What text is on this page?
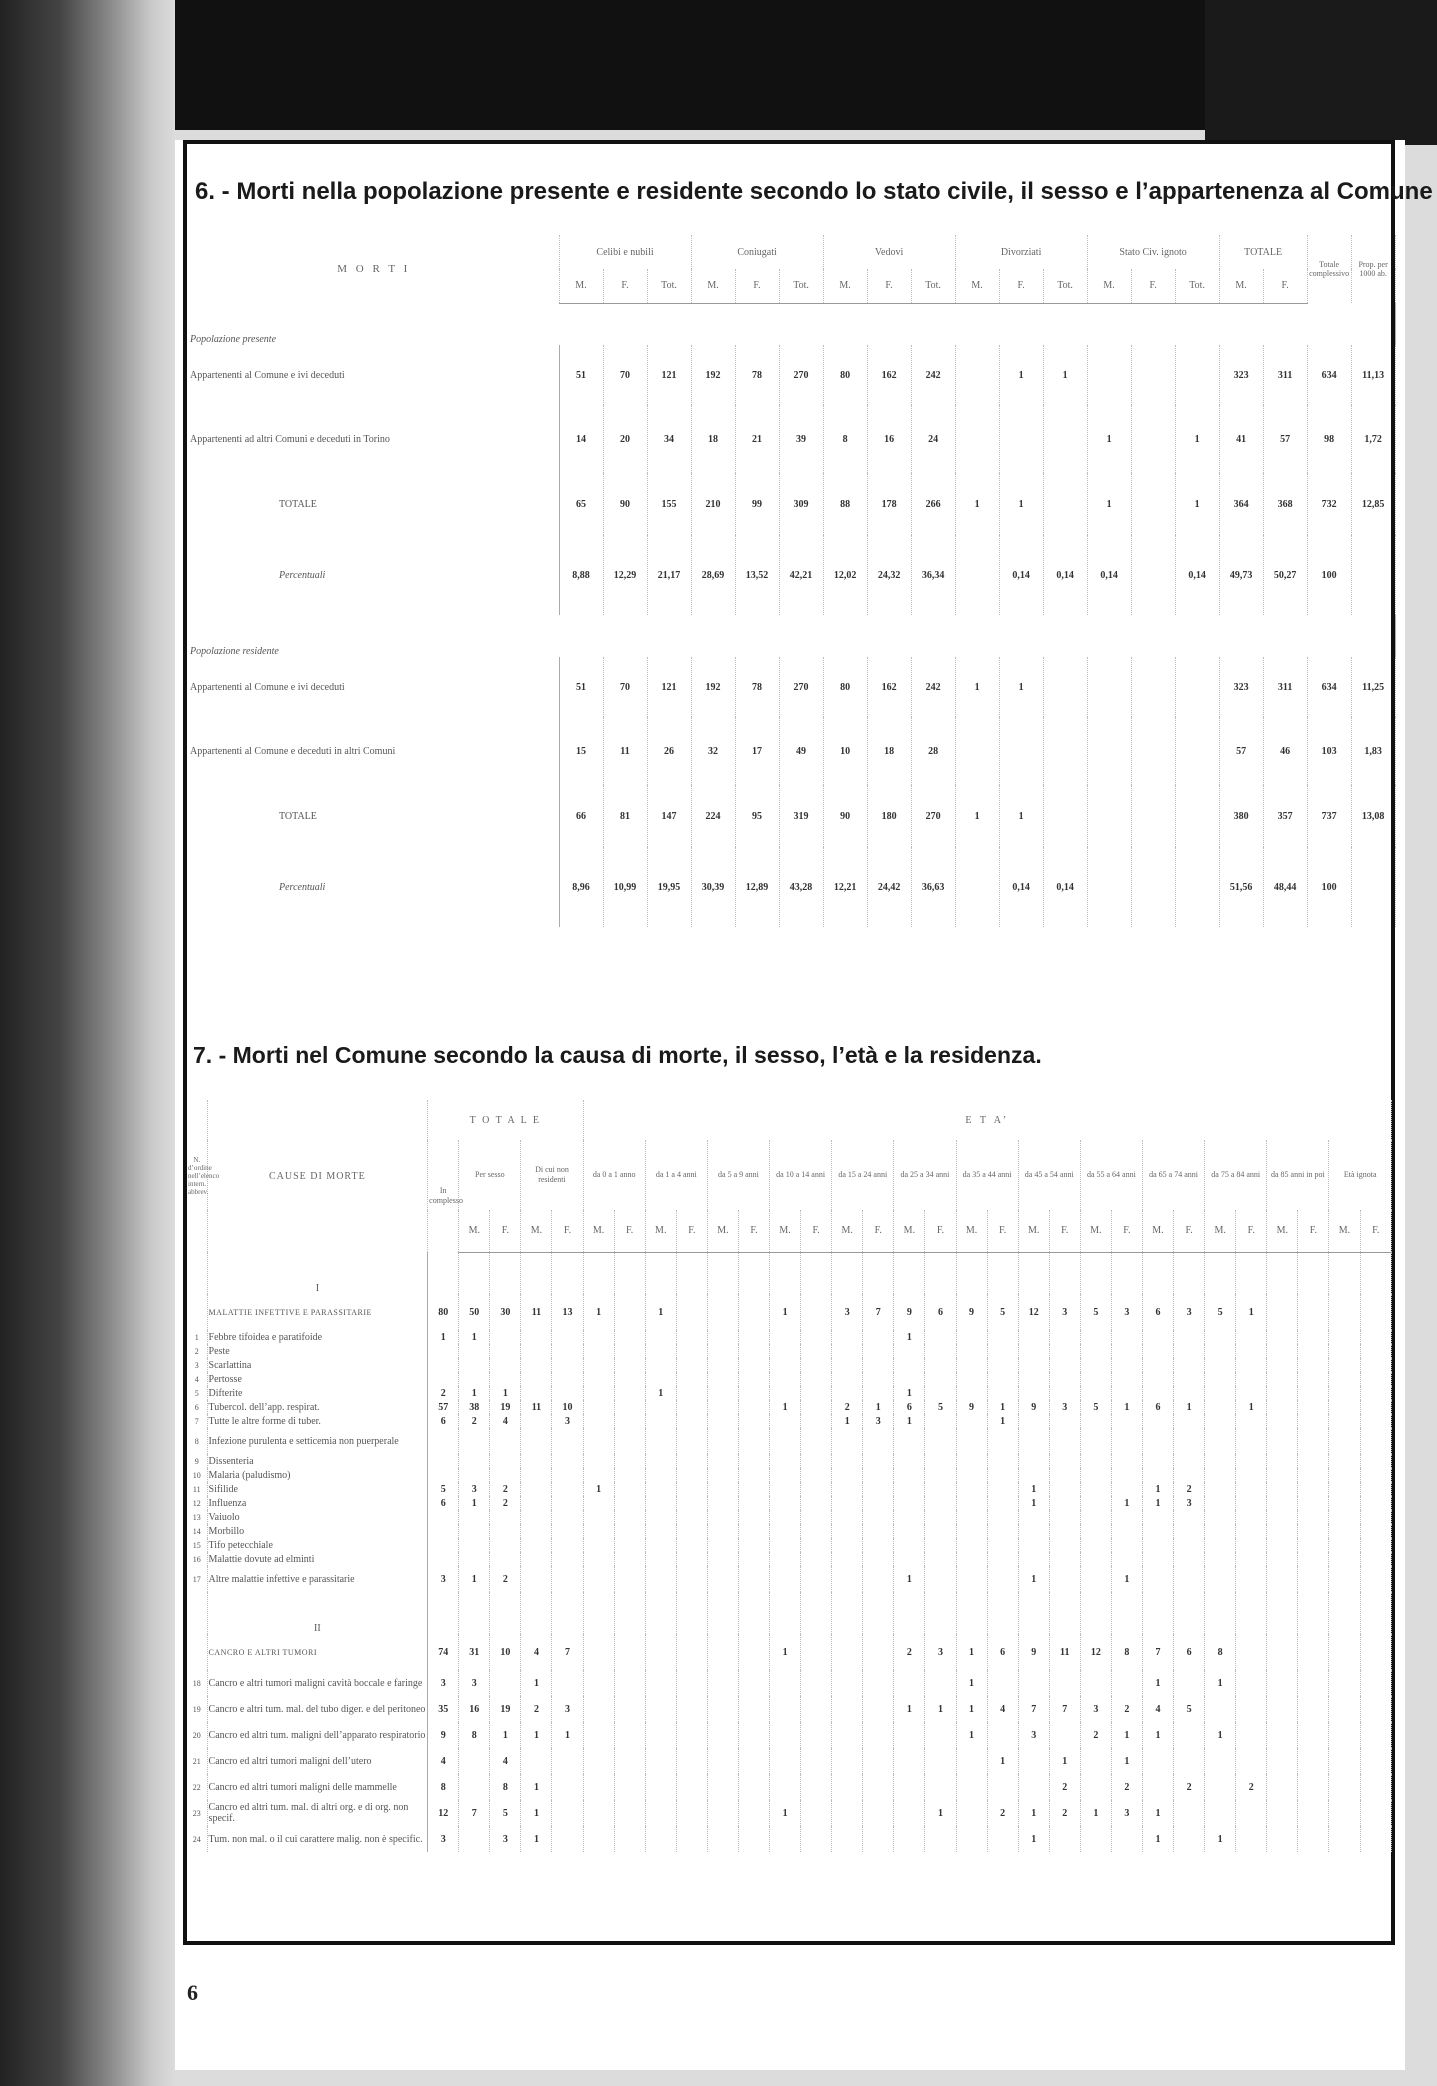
6. - Morti nella popolazione presente e residente secondo lo stato civile, il sesso e l’appartenenza al Comune
M O R T I	Celibi e nubili			Coniugati			Vedovi			Divorziati			Stato Civ. ignoto			TOTALE		Totale complessivo	Prop. per 1000 ab.
	M.	F.	Tot.	M.	F.	Tot.	M.	F.	Tot.	M.	F.	Tot.	M.	F.	Tot.	M.	F.		
Popolazione presente																			
Appartenenti al Comune e ivi deceduti	51	70	121	192	78	270	80	162	242		1	1				323	311	634	11,13
Appartenenti ad altri Comuni e deceduti in Torino	14	20	34	18	21	39	8	16	24				1		1	41	57	98	1,72
TOTALE	65	90	155	210	99	309	88	178	266	1	1		1		1	364	368	732	12,85
Percentuali	8,88	12,29	21,17	28,69	13,52	42,21	12,02	24,32	36,34		0,14	0,14	0,14		0,14	49,73	50,27	100	
Popolazione residente																			
Appartenenti al Comune e ivi deceduti	51	70	121	192	78	270	80	162	242	1	1					323	311	634	11,25
Appartenenti al Comune e deceduti in altri Comuni	15	11	26	32	17	49	10	18	28							57	46	103	1,83
TOTALE	66	81	147	224	95	319	90	180	270	1	1					380	357	737	13,08
Percentuali	8,96	10,99	19,95	30,39	12,89	43,28	12,21	24,42	36,63		0,14	0,14				51,56	48,44	100	
7. - Morti nel Comune secondo la causa di morte, il sesso, l’età e la residenza.
N. d’ordine nell’elenco intern. abbrev.	CAUSE DI MORTE	T O T A L E					E T A’																									
		In complesso	Per sesso		Di cui non residenti		da 0 a 1 anno		da 1 a 4 anni		da 5 a 9 anni		da 10 a 14 anni		da 15 a 24 anni		da 25 a 34 anni		da 35 a 44 anni		da 45 a 54 anni		da 55 a 64 anni		da 65 a 74 anni		da 75 a 84 anni		da 85 anni in poi		Età ignota	
			M.	F.	M.	F.	M.	F.	M.	F.	M.	F.	M.	F.	M.	F.	M.	F.	M.	F.	M.	F.	M.	F.	M.	F.	M.	F.	M.	F.	M.	F.
	I																															
	MALATTIE INFETTIVE E PARASSITARIE	80	50	30	11	13	1		1				1		3	7	9	6	9	5	12	3	5	3	6	3	5	1				
1	Febbre tifoidea e paratifoide	1	1														1															
2	Peste																															
3	Scarlattina																															
4	Pertosse																															
5	Difterite	2	1	1					1								1															
6	Tubercol. dell’app. respirat.	57	38	19	11	10							1		2	1	6	5	9	1	9	3	5	1	6	1		1				
7	Tutte le altre forme di tuber.	6	2	4		3									1	3	1			1												
8	Infezione purulenta e setticemia non puerperale																															
9	Dissenteria																															
10	Malaria (paludismo)																															
11	Sifilide	5	3	2			1														1				1	2						
12	Influenza	6	1	2																	1			1	1	3						
13	Vaiuolo																															
14	Morbillo																															
15	Tifo petecchiale																															
16	Malattie dovute ad elminti																															
17	Altre malattie infettive e parassitarie	3	1	2													1				1			1								
	II																															
	CANCRO E ALTRI TUMORI	74	31	10	4	7							1				2	3	1	6	9	11	12	8	7	6	8					
18	Cancro e altri tumori maligni cavità boccale e faringe	3	3		1														1						1		1					
19	Cancro e altri tum. mal. del tubo diger. e del peritoneo	35	16	19	2	3											1	1	1	4	7	7	3	2	4	5						
20	Cancro ed altri tum. maligni dell’apparato respiratorio	9	8	1	1	1													1		3		2	1	1		1					
21	Cancro ed altri tumori maligni dell’utero	4		4																1		1		1								
22	Cancro ed altri tumori maligni delle mammelle	8		8	1																	2		2		2		2				
23	Cancro ed altri tum. mal. di altri org. e di org. non specif.	12	7	5	1								1					1		2	1	2	1	3	1							
24	Tum. non mal. o il cui carattere malig. non è specific.	3		3	1																1				1		1					
6
